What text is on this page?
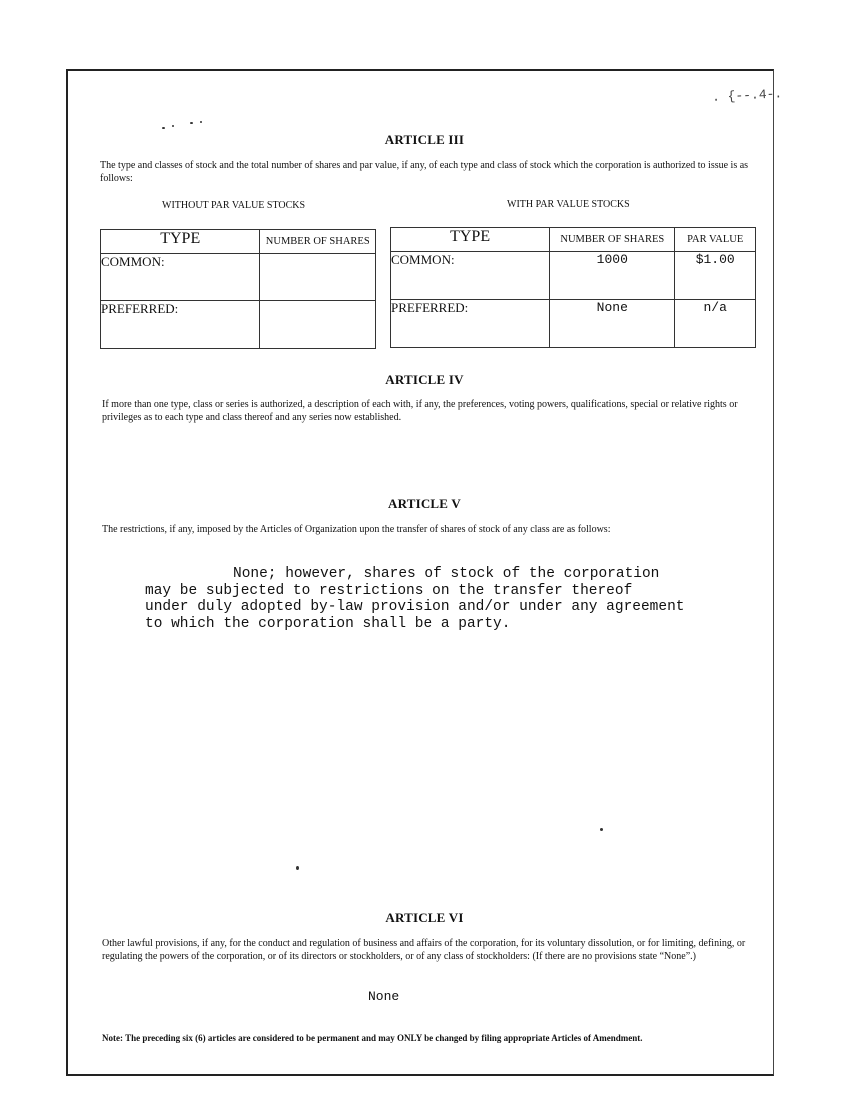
. {--.4-.
ARTICLE III
The type and classes of stock and the total number of shares and par value, if any, of each type and class of stock which the corporation is authorized to issue is as follows:
WITHOUT PAR VALUE STOCKS	WITH PAR VALUE STOCKS
TYPE	NUMBER OF SHARES
COMMON:	
PREFERRED:	
TYPE	NUMBER OF SHARES	PAR VALUE
COMMON:	1000	$1.00
PREFERRED:	None	n/a
ARTICLE IV
If more than one type, class or series is authorized, a description of each with, if any, the preferences, voting powers, qualifications, special or relative rights or privileges as to each type and class thereof and any series now established.
ARTICLE V
The restrictions, if any, imposed by the Articles of Organization upon the transfer of shares of stock of any class are as follows:
None; however, shares of stock of the corporation
may be subjected to restrictions on the transfer thereof
under duly adopted by-law provision and/or under any agreement
to which the corporation shall be a party.
ARTICLE VI
Other lawful provisions, if any, for the conduct and regulation of business and affairs of the corporation, for its voluntary dissolution, or for limiting, defining, or regulating the powers of the corporation, or of its directors or stockholders, or of any class of stockholders: (If there are no provisions state “None”.)
None
Note: The preceding six (6) articles are considered to be permanent and may ONLY be changed by filing appropriate Articles of Amendment.
